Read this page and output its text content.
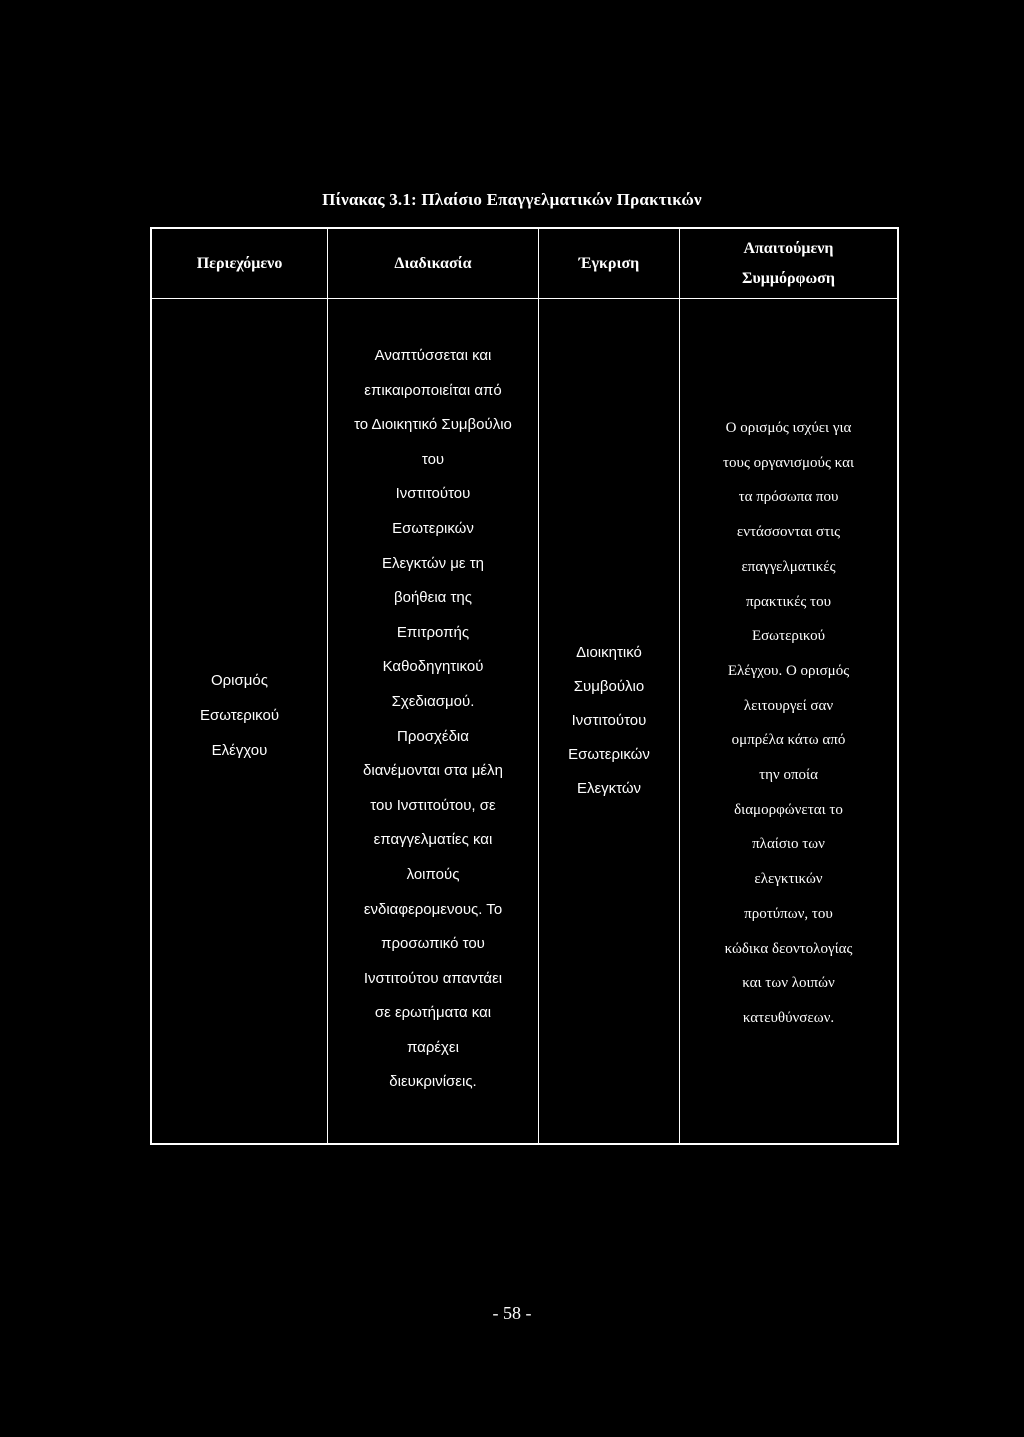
Πίνακας 3.1: Πλαίσιο Επαγγελματικών Πρακτικών
Περιεχόμενο	Διαδικασία	Έγκριση
Απαιτούμενη
Συμμόρφωση
Ορισμός
Εσωτερικού
Ελέγχου
Αναπτύσσεται και
επικαιροποιείται από
το Διοικητικό Συμβούλιο
του
Ινστιτούτου
Εσωτερικών
Ελεγκτών με τη
βοήθεια της
Επιτροπής
Καθοδηγητικού
Σχεδιασμού.
Προσχέδια
διανέμονται στα μέλη
του Ινστιτούτου, σε
επαγγελματίες και
λοιπούς
ενδιαφερομενους. Το
προσωπικό του
Ινστιτούτου απαντάει
σε ερωτήματα και
παρέχει
διευκρινίσεις.
Διοικητικό
Συμβούλιο
Ινστιτούτου
Εσωτερικών
Ελεγκτών
Ο ορισμός ισχύει για
τους οργανισμούς και
τα πρόσωπα που
εντάσσονται στις
επαγγελματικές
πρακτικές του
Εσωτερικού
Ελέγχου. Ο ορισμός
λειτουργεί σαν
ομπρέλα κάτω από
την οποία
διαμορφώνεται το
πλαίσιο των
ελεγκτικών
προτύπων, του
κώδικα δεοντολογίας
και των λοιπών
κατευθύνσεων.
- 58 -
